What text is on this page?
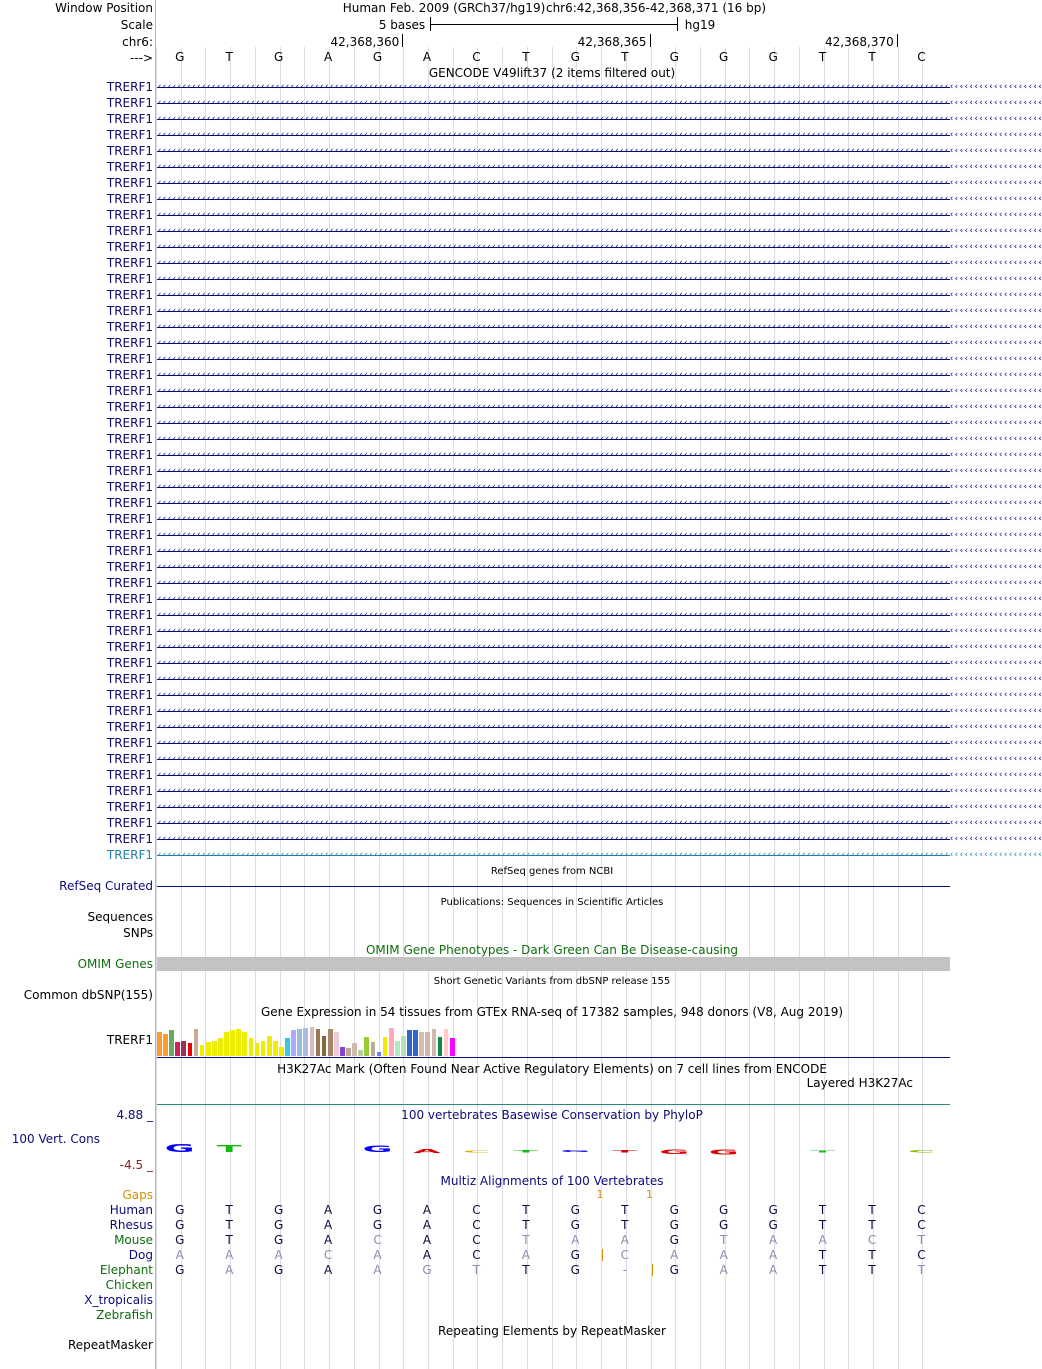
Window Position	Human Feb. 2009 (GRCh37/hg19) chr6:42,368,356-42,368,371 (16 bp)
Scale	5 bases	hg19
chr6:	42,368,360	42,368,365	42,368,370
--->	G	T	G	A	G	A	C	T	G	T	G	G	G	T	T	C
GENCODE V49lift37 (2 items filtered out)
TRERF1 ‹‹‹‹‹‹‹‹‹‹‹‹‹‹‹‹‹‹‹‹‹‹‹‹‹‹‹‹‹‹‹‹‹‹‹‹‹‹‹‹‹‹‹‹‹‹‹‹‹‹‹‹‹‹‹‹‹‹‹‹‹‹‹‹‹‹‹‹‹‹‹‹‹‹‹‹‹‹‹‹‹‹‹‹‹‹‹‹‹‹‹‹‹‹‹‹‹‹‹‹‹‹‹‹‹‹‹‹‹‹‹‹‹‹‹‹‹‹‹‹‹‹‹‹‹‹‹‹‹‹‹‹‹‹‹‹‹‹‹‹‹‹‹‹‹‹‹‹‹‹‹‹‹‹‹‹‹‹‹‹‹‹‹‹‹‹‹‹‹‹‹‹‹‹‹‹‹‹‹‹
TRERF1 ‹‹‹‹‹‹‹‹‹‹‹‹‹‹‹‹‹‹‹‹‹‹‹‹‹‹‹‹‹‹‹‹‹‹‹‹‹‹‹‹‹‹‹‹‹‹‹‹‹‹‹‹‹‹‹‹‹‹‹‹‹‹‹‹‹‹‹‹‹‹‹‹‹‹‹‹‹‹‹‹‹‹‹‹‹‹‹‹‹‹‹‹‹‹‹‹‹‹‹‹‹‹‹‹‹‹‹‹‹‹‹‹‹‹‹‹‹‹‹‹‹‹‹‹‹‹‹‹‹‹‹‹‹‹‹‹‹‹‹‹‹‹‹‹‹‹‹‹‹‹‹‹‹‹‹‹‹‹‹‹‹‹‹‹‹‹‹‹‹‹‹‹‹‹‹‹‹‹‹‹
TRERF1 ‹‹‹‹‹‹‹‹‹‹‹‹‹‹‹‹‹‹‹‹‹‹‹‹‹‹‹‹‹‹‹‹‹‹‹‹‹‹‹‹‹‹‹‹‹‹‹‹‹‹‹‹‹‹‹‹‹‹‹‹‹‹‹‹‹‹‹‹‹‹‹‹‹‹‹‹‹‹‹‹‹‹‹‹‹‹‹‹‹‹‹‹‹‹‹‹‹‹‹‹‹‹‹‹‹‹‹‹‹‹‹‹‹‹‹‹‹‹‹‹‹‹‹‹‹‹‹‹‹‹‹‹‹‹‹‹‹‹‹‹‹‹‹‹‹‹‹‹‹‹‹‹‹‹‹‹‹‹‹‹‹‹‹‹‹‹‹‹‹‹‹‹‹‹‹‹‹‹‹‹
TRERF1 ‹‹‹‹‹‹‹‹‹‹‹‹‹‹‹‹‹‹‹‹‹‹‹‹‹‹‹‹‹‹‹‹‹‹‹‹‹‹‹‹‹‹‹‹‹‹‹‹‹‹‹‹‹‹‹‹‹‹‹‹‹‹‹‹‹‹‹‹‹‹‹‹‹‹‹‹‹‹‹‹‹‹‹‹‹‹‹‹‹‹‹‹‹‹‹‹‹‹‹‹‹‹‹‹‹‹‹‹‹‹‹‹‹‹‹‹‹‹‹‹‹‹‹‹‹‹‹‹‹‹‹‹‹‹‹‹‹‹‹‹‹‹‹‹‹‹‹‹‹‹‹‹‹‹‹‹‹‹‹‹‹‹‹‹‹‹‹‹‹‹‹‹‹‹‹‹‹‹‹‹
TRERF1 ‹‹‹‹‹‹‹‹‹‹‹‹‹‹‹‹‹‹‹‹‹‹‹‹‹‹‹‹‹‹‹‹‹‹‹‹‹‹‹‹‹‹‹‹‹‹‹‹‹‹‹‹‹‹‹‹‹‹‹‹‹‹‹‹‹‹‹‹‹‹‹‹‹‹‹‹‹‹‹‹‹‹‹‹‹‹‹‹‹‹‹‹‹‹‹‹‹‹‹‹‹‹‹‹‹‹‹‹‹‹‹‹‹‹‹‹‹‹‹‹‹‹‹‹‹‹‹‹‹‹‹‹‹‹‹‹‹‹‹‹‹‹‹‹‹‹‹‹‹‹‹‹‹‹‹‹‹‹‹‹‹‹‹‹‹‹‹‹‹‹‹‹‹‹‹‹‹‹‹‹
TRERF1 ‹‹‹‹‹‹‹‹‹‹‹‹‹‹‹‹‹‹‹‹‹‹‹‹‹‹‹‹‹‹‹‹‹‹‹‹‹‹‹‹‹‹‹‹‹‹‹‹‹‹‹‹‹‹‹‹‹‹‹‹‹‹‹‹‹‹‹‹‹‹‹‹‹‹‹‹‹‹‹‹‹‹‹‹‹‹‹‹‹‹‹‹‹‹‹‹‹‹‹‹‹‹‹‹‹‹‹‹‹‹‹‹‹‹‹‹‹‹‹‹‹‹‹‹‹‹‹‹‹‹‹‹‹‹‹‹‹‹‹‹‹‹‹‹‹‹‹‹‹‹‹‹‹‹‹‹‹‹‹‹‹‹‹‹‹‹‹‹‹‹‹‹‹‹‹‹‹‹‹‹
TRERF1 ‹‹‹‹‹‹‹‹‹‹‹‹‹‹‹‹‹‹‹‹‹‹‹‹‹‹‹‹‹‹‹‹‹‹‹‹‹‹‹‹‹‹‹‹‹‹‹‹‹‹‹‹‹‹‹‹‹‹‹‹‹‹‹‹‹‹‹‹‹‹‹‹‹‹‹‹‹‹‹‹‹‹‹‹‹‹‹‹‹‹‹‹‹‹‹‹‹‹‹‹‹‹‹‹‹‹‹‹‹‹‹‹‹‹‹‹‹‹‹‹‹‹‹‹‹‹‹‹‹‹‹‹‹‹‹‹‹‹‹‹‹‹‹‹‹‹‹‹‹‹‹‹‹‹‹‹‹‹‹‹‹‹‹‹‹‹‹‹‹‹‹‹‹‹‹‹‹‹‹‹
TRERF1 ‹‹‹‹‹‹‹‹‹‹‹‹‹‹‹‹‹‹‹‹‹‹‹‹‹‹‹‹‹‹‹‹‹‹‹‹‹‹‹‹‹‹‹‹‹‹‹‹‹‹‹‹‹‹‹‹‹‹‹‹‹‹‹‹‹‹‹‹‹‹‹‹‹‹‹‹‹‹‹‹‹‹‹‹‹‹‹‹‹‹‹‹‹‹‹‹‹‹‹‹‹‹‹‹‹‹‹‹‹‹‹‹‹‹‹‹‹‹‹‹‹‹‹‹‹‹‹‹‹‹‹‹‹‹‹‹‹‹‹‹‹‹‹‹‹‹‹‹‹‹‹‹‹‹‹‹‹‹‹‹‹‹‹‹‹‹‹‹‹‹‹‹‹‹‹‹‹‹‹‹
TRERF1 ‹‹‹‹‹‹‹‹‹‹‹‹‹‹‹‹‹‹‹‹‹‹‹‹‹‹‹‹‹‹‹‹‹‹‹‹‹‹‹‹‹‹‹‹‹‹‹‹‹‹‹‹‹‹‹‹‹‹‹‹‹‹‹‹‹‹‹‹‹‹‹‹‹‹‹‹‹‹‹‹‹‹‹‹‹‹‹‹‹‹‹‹‹‹‹‹‹‹‹‹‹‹‹‹‹‹‹‹‹‹‹‹‹‹‹‹‹‹‹‹‹‹‹‹‹‹‹‹‹‹‹‹‹‹‹‹‹‹‹‹‹‹‹‹‹‹‹‹‹‹‹‹‹‹‹‹‹‹‹‹‹‹‹‹‹‹‹‹‹‹‹‹‹‹‹‹‹‹‹‹
TRERF1 ‹‹‹‹‹‹‹‹‹‹‹‹‹‹‹‹‹‹‹‹‹‹‹‹‹‹‹‹‹‹‹‹‹‹‹‹‹‹‹‹‹‹‹‹‹‹‹‹‹‹‹‹‹‹‹‹‹‹‹‹‹‹‹‹‹‹‹‹‹‹‹‹‹‹‹‹‹‹‹‹‹‹‹‹‹‹‹‹‹‹‹‹‹‹‹‹‹‹‹‹‹‹‹‹‹‹‹‹‹‹‹‹‹‹‹‹‹‹‹‹‹‹‹‹‹‹‹‹‹‹‹‹‹‹‹‹‹‹‹‹‹‹‹‹‹‹‹‹‹‹‹‹‹‹‹‹‹‹‹‹‹‹‹‹‹‹‹‹‹‹‹‹‹‹‹‹‹‹‹‹
TRERF1 ‹‹‹‹‹‹‹‹‹‹‹‹‹‹‹‹‹‹‹‹‹‹‹‹‹‹‹‹‹‹‹‹‹‹‹‹‹‹‹‹‹‹‹‹‹‹‹‹‹‹‹‹‹‹‹‹‹‹‹‹‹‹‹‹‹‹‹‹‹‹‹‹‹‹‹‹‹‹‹‹‹‹‹‹‹‹‹‹‹‹‹‹‹‹‹‹‹‹‹‹‹‹‹‹‹‹‹‹‹‹‹‹‹‹‹‹‹‹‹‹‹‹‹‹‹‹‹‹‹‹‹‹‹‹‹‹‹‹‹‹‹‹‹‹‹‹‹‹‹‹‹‹‹‹‹‹‹‹‹‹‹‹‹‹‹‹‹‹‹‹‹‹‹‹‹‹‹‹‹‹
TRERF1 ‹‹‹‹‹‹‹‹‹‹‹‹‹‹‹‹‹‹‹‹‹‹‹‹‹‹‹‹‹‹‹‹‹‹‹‹‹‹‹‹‹‹‹‹‹‹‹‹‹‹‹‹‹‹‹‹‹‹‹‹‹‹‹‹‹‹‹‹‹‹‹‹‹‹‹‹‹‹‹‹‹‹‹‹‹‹‹‹‹‹‹‹‹‹‹‹‹‹‹‹‹‹‹‹‹‹‹‹‹‹‹‹‹‹‹‹‹‹‹‹‹‹‹‹‹‹‹‹‹‹‹‹‹‹‹‹‹‹‹‹‹‹‹‹‹‹‹‹‹‹‹‹‹‹‹‹‹‹‹‹‹‹‹‹‹‹‹‹‹‹‹‹‹‹‹‹‹‹‹‹
TRERF1 ‹‹‹‹‹‹‹‹‹‹‹‹‹‹‹‹‹‹‹‹‹‹‹‹‹‹‹‹‹‹‹‹‹‹‹‹‹‹‹‹‹‹‹‹‹‹‹‹‹‹‹‹‹‹‹‹‹‹‹‹‹‹‹‹‹‹‹‹‹‹‹‹‹‹‹‹‹‹‹‹‹‹‹‹‹‹‹‹‹‹‹‹‹‹‹‹‹‹‹‹‹‹‹‹‹‹‹‹‹‹‹‹‹‹‹‹‹‹‹‹‹‹‹‹‹‹‹‹‹‹‹‹‹‹‹‹‹‹‹‹‹‹‹‹‹‹‹‹‹‹‹‹‹‹‹‹‹‹‹‹‹‹‹‹‹‹‹‹‹‹‹‹‹‹‹‹‹‹‹‹
TRERF1 ‹‹‹‹‹‹‹‹‹‹‹‹‹‹‹‹‹‹‹‹‹‹‹‹‹‹‹‹‹‹‹‹‹‹‹‹‹‹‹‹‹‹‹‹‹‹‹‹‹‹‹‹‹‹‹‹‹‹‹‹‹‹‹‹‹‹‹‹‹‹‹‹‹‹‹‹‹‹‹‹‹‹‹‹‹‹‹‹‹‹‹‹‹‹‹‹‹‹‹‹‹‹‹‹‹‹‹‹‹‹‹‹‹‹‹‹‹‹‹‹‹‹‹‹‹‹‹‹‹‹‹‹‹‹‹‹‹‹‹‹‹‹‹‹‹‹‹‹‹‹‹‹‹‹‹‹‹‹‹‹‹‹‹‹‹‹‹‹‹‹‹‹‹‹‹‹‹‹‹‹
TRERF1 ‹‹‹‹‹‹‹‹‹‹‹‹‹‹‹‹‹‹‹‹‹‹‹‹‹‹‹‹‹‹‹‹‹‹‹‹‹‹‹‹‹‹‹‹‹‹‹‹‹‹‹‹‹‹‹‹‹‹‹‹‹‹‹‹‹‹‹‹‹‹‹‹‹‹‹‹‹‹‹‹‹‹‹‹‹‹‹‹‹‹‹‹‹‹‹‹‹‹‹‹‹‹‹‹‹‹‹‹‹‹‹‹‹‹‹‹‹‹‹‹‹‹‹‹‹‹‹‹‹‹‹‹‹‹‹‹‹‹‹‹‹‹‹‹‹‹‹‹‹‹‹‹‹‹‹‹‹‹‹‹‹‹‹‹‹‹‹‹‹‹‹‹‹‹‹‹‹‹‹‹
TRERF1 ‹‹‹‹‹‹‹‹‹‹‹‹‹‹‹‹‹‹‹‹‹‹‹‹‹‹‹‹‹‹‹‹‹‹‹‹‹‹‹‹‹‹‹‹‹‹‹‹‹‹‹‹‹‹‹‹‹‹‹‹‹‹‹‹‹‹‹‹‹‹‹‹‹‹‹‹‹‹‹‹‹‹‹‹‹‹‹‹‹‹‹‹‹‹‹‹‹‹‹‹‹‹‹‹‹‹‹‹‹‹‹‹‹‹‹‹‹‹‹‹‹‹‹‹‹‹‹‹‹‹‹‹‹‹‹‹‹‹‹‹‹‹‹‹‹‹‹‹‹‹‹‹‹‹‹‹‹‹‹‹‹‹‹‹‹‹‹‹‹‹‹‹‹‹‹‹‹‹‹‹
TRERF1 ‹‹‹‹‹‹‹‹‹‹‹‹‹‹‹‹‹‹‹‹‹‹‹‹‹‹‹‹‹‹‹‹‹‹‹‹‹‹‹‹‹‹‹‹‹‹‹‹‹‹‹‹‹‹‹‹‹‹‹‹‹‹‹‹‹‹‹‹‹‹‹‹‹‹‹‹‹‹‹‹‹‹‹‹‹‹‹‹‹‹‹‹‹‹‹‹‹‹‹‹‹‹‹‹‹‹‹‹‹‹‹‹‹‹‹‹‹‹‹‹‹‹‹‹‹‹‹‹‹‹‹‹‹‹‹‹‹‹‹‹‹‹‹‹‹‹‹‹‹‹‹‹‹‹‹‹‹‹‹‹‹‹‹‹‹‹‹‹‹‹‹‹‹‹‹‹‹‹‹‹
TRERF1 ‹‹‹‹‹‹‹‹‹‹‹‹‹‹‹‹‹‹‹‹‹‹‹‹‹‹‹‹‹‹‹‹‹‹‹‹‹‹‹‹‹‹‹‹‹‹‹‹‹‹‹‹‹‹‹‹‹‹‹‹‹‹‹‹‹‹‹‹‹‹‹‹‹‹‹‹‹‹‹‹‹‹‹‹‹‹‹‹‹‹‹‹‹‹‹‹‹‹‹‹‹‹‹‹‹‹‹‹‹‹‹‹‹‹‹‹‹‹‹‹‹‹‹‹‹‹‹‹‹‹‹‹‹‹‹‹‹‹‹‹‹‹‹‹‹‹‹‹‹‹‹‹‹‹‹‹‹‹‹‹‹‹‹‹‹‹‹‹‹‹‹‹‹‹‹‹‹‹‹‹
TRERF1 ‹‹‹‹‹‹‹‹‹‹‹‹‹‹‹‹‹‹‹‹‹‹‹‹‹‹‹‹‹‹‹‹‹‹‹‹‹‹‹‹‹‹‹‹‹‹‹‹‹‹‹‹‹‹‹‹‹‹‹‹‹‹‹‹‹‹‹‹‹‹‹‹‹‹‹‹‹‹‹‹‹‹‹‹‹‹‹‹‹‹‹‹‹‹‹‹‹‹‹‹‹‹‹‹‹‹‹‹‹‹‹‹‹‹‹‹‹‹‹‹‹‹‹‹‹‹‹‹‹‹‹‹‹‹‹‹‹‹‹‹‹‹‹‹‹‹‹‹‹‹‹‹‹‹‹‹‹‹‹‹‹‹‹‹‹‹‹‹‹‹‹‹‹‹‹‹‹‹‹‹
TRERF1 ‹‹‹‹‹‹‹‹‹‹‹‹‹‹‹‹‹‹‹‹‹‹‹‹‹‹‹‹‹‹‹‹‹‹‹‹‹‹‹‹‹‹‹‹‹‹‹‹‹‹‹‹‹‹‹‹‹‹‹‹‹‹‹‹‹‹‹‹‹‹‹‹‹‹‹‹‹‹‹‹‹‹‹‹‹‹‹‹‹‹‹‹‹‹‹‹‹‹‹‹‹‹‹‹‹‹‹‹‹‹‹‹‹‹‹‹‹‹‹‹‹‹‹‹‹‹‹‹‹‹‹‹‹‹‹‹‹‹‹‹‹‹‹‹‹‹‹‹‹‹‹‹‹‹‹‹‹‹‹‹‹‹‹‹‹‹‹‹‹‹‹‹‹‹‹‹‹‹‹‹
TRERF1 ‹‹‹‹‹‹‹‹‹‹‹‹‹‹‹‹‹‹‹‹‹‹‹‹‹‹‹‹‹‹‹‹‹‹‹‹‹‹‹‹‹‹‹‹‹‹‹‹‹‹‹‹‹‹‹‹‹‹‹‹‹‹‹‹‹‹‹‹‹‹‹‹‹‹‹‹‹‹‹‹‹‹‹‹‹‹‹‹‹‹‹‹‹‹‹‹‹‹‹‹‹‹‹‹‹‹‹‹‹‹‹‹‹‹‹‹‹‹‹‹‹‹‹‹‹‹‹‹‹‹‹‹‹‹‹‹‹‹‹‹‹‹‹‹‹‹‹‹‹‹‹‹‹‹‹‹‹‹‹‹‹‹‹‹‹‹‹‹‹‹‹‹‹‹‹‹‹‹‹‹
TRERF1 ‹‹‹‹‹‹‹‹‹‹‹‹‹‹‹‹‹‹‹‹‹‹‹‹‹‹‹‹‹‹‹‹‹‹‹‹‹‹‹‹‹‹‹‹‹‹‹‹‹‹‹‹‹‹‹‹‹‹‹‹‹‹‹‹‹‹‹‹‹‹‹‹‹‹‹‹‹‹‹‹‹‹‹‹‹‹‹‹‹‹‹‹‹‹‹‹‹‹‹‹‹‹‹‹‹‹‹‹‹‹‹‹‹‹‹‹‹‹‹‹‹‹‹‹‹‹‹‹‹‹‹‹‹‹‹‹‹‹‹‹‹‹‹‹‹‹‹‹‹‹‹‹‹‹‹‹‹‹‹‹‹‹‹‹‹‹‹‹‹‹‹‹‹‹‹‹‹‹‹‹
TRERF1 ‹‹‹‹‹‹‹‹‹‹‹‹‹‹‹‹‹‹‹‹‹‹‹‹‹‹‹‹‹‹‹‹‹‹‹‹‹‹‹‹‹‹‹‹‹‹‹‹‹‹‹‹‹‹‹‹‹‹‹‹‹‹‹‹‹‹‹‹‹‹‹‹‹‹‹‹‹‹‹‹‹‹‹‹‹‹‹‹‹‹‹‹‹‹‹‹‹‹‹‹‹‹‹‹‹‹‹‹‹‹‹‹‹‹‹‹‹‹‹‹‹‹‹‹‹‹‹‹‹‹‹‹‹‹‹‹‹‹‹‹‹‹‹‹‹‹‹‹‹‹‹‹‹‹‹‹‹‹‹‹‹‹‹‹‹‹‹‹‹‹‹‹‹‹‹‹‹‹‹‹
TRERF1 ‹‹‹‹‹‹‹‹‹‹‹‹‹‹‹‹‹‹‹‹‹‹‹‹‹‹‹‹‹‹‹‹‹‹‹‹‹‹‹‹‹‹‹‹‹‹‹‹‹‹‹‹‹‹‹‹‹‹‹‹‹‹‹‹‹‹‹‹‹‹‹‹‹‹‹‹‹‹‹‹‹‹‹‹‹‹‹‹‹‹‹‹‹‹‹‹‹‹‹‹‹‹‹‹‹‹‹‹‹‹‹‹‹‹‹‹‹‹‹‹‹‹‹‹‹‹‹‹‹‹‹‹‹‹‹‹‹‹‹‹‹‹‹‹‹‹‹‹‹‹‹‹‹‹‹‹‹‹‹‹‹‹‹‹‹‹‹‹‹‹‹‹‹‹‹‹‹‹‹‹
TRERF1 ‹‹‹‹‹‹‹‹‹‹‹‹‹‹‹‹‹‹‹‹‹‹‹‹‹‹‹‹‹‹‹‹‹‹‹‹‹‹‹‹‹‹‹‹‹‹‹‹‹‹‹‹‹‹‹‹‹‹‹‹‹‹‹‹‹‹‹‹‹‹‹‹‹‹‹‹‹‹‹‹‹‹‹‹‹‹‹‹‹‹‹‹‹‹‹‹‹‹‹‹‹‹‹‹‹‹‹‹‹‹‹‹‹‹‹‹‹‹‹‹‹‹‹‹‹‹‹‹‹‹‹‹‹‹‹‹‹‹‹‹‹‹‹‹‹‹‹‹‹‹‹‹‹‹‹‹‹‹‹‹‹‹‹‹‹‹‹‹‹‹‹‹‹‹‹‹‹‹‹‹
TRERF1 ‹‹‹‹‹‹‹‹‹‹‹‹‹‹‹‹‹‹‹‹‹‹‹‹‹‹‹‹‹‹‹‹‹‹‹‹‹‹‹‹‹‹‹‹‹‹‹‹‹‹‹‹‹‹‹‹‹‹‹‹‹‹‹‹‹‹‹‹‹‹‹‹‹‹‹‹‹‹‹‹‹‹‹‹‹‹‹‹‹‹‹‹‹‹‹‹‹‹‹‹‹‹‹‹‹‹‹‹‹‹‹‹‹‹‹‹‹‹‹‹‹‹‹‹‹‹‹‹‹‹‹‹‹‹‹‹‹‹‹‹‹‹‹‹‹‹‹‹‹‹‹‹‹‹‹‹‹‹‹‹‹‹‹‹‹‹‹‹‹‹‹‹‹‹‹‹‹‹‹‹
TRERF1 ‹‹‹‹‹‹‹‹‹‹‹‹‹‹‹‹‹‹‹‹‹‹‹‹‹‹‹‹‹‹‹‹‹‹‹‹‹‹‹‹‹‹‹‹‹‹‹‹‹‹‹‹‹‹‹‹‹‹‹‹‹‹‹‹‹‹‹‹‹‹‹‹‹‹‹‹‹‹‹‹‹‹‹‹‹‹‹‹‹‹‹‹‹‹‹‹‹‹‹‹‹‹‹‹‹‹‹‹‹‹‹‹‹‹‹‹‹‹‹‹‹‹‹‹‹‹‹‹‹‹‹‹‹‹‹‹‹‹‹‹‹‹‹‹‹‹‹‹‹‹‹‹‹‹‹‹‹‹‹‹‹‹‹‹‹‹‹‹‹‹‹‹‹‹‹‹‹‹‹‹
TRERF1 ‹‹‹‹‹‹‹‹‹‹‹‹‹‹‹‹‹‹‹‹‹‹‹‹‹‹‹‹‹‹‹‹‹‹‹‹‹‹‹‹‹‹‹‹‹‹‹‹‹‹‹‹‹‹‹‹‹‹‹‹‹‹‹‹‹‹‹‹‹‹‹‹‹‹‹‹‹‹‹‹‹‹‹‹‹‹‹‹‹‹‹‹‹‹‹‹‹‹‹‹‹‹‹‹‹‹‹‹‹‹‹‹‹‹‹‹‹‹‹‹‹‹‹‹‹‹‹‹‹‹‹‹‹‹‹‹‹‹‹‹‹‹‹‹‹‹‹‹‹‹‹‹‹‹‹‹‹‹‹‹‹‹‹‹‹‹‹‹‹‹‹‹‹‹‹‹‹‹‹‹
TRERF1 ‹‹‹‹‹‹‹‹‹‹‹‹‹‹‹‹‹‹‹‹‹‹‹‹‹‹‹‹‹‹‹‹‹‹‹‹‹‹‹‹‹‹‹‹‹‹‹‹‹‹‹‹‹‹‹‹‹‹‹‹‹‹‹‹‹‹‹‹‹‹‹‹‹‹‹‹‹‹‹‹‹‹‹‹‹‹‹‹‹‹‹‹‹‹‹‹‹‹‹‹‹‹‹‹‹‹‹‹‹‹‹‹‹‹‹‹‹‹‹‹‹‹‹‹‹‹‹‹‹‹‹‹‹‹‹‹‹‹‹‹‹‹‹‹‹‹‹‹‹‹‹‹‹‹‹‹‹‹‹‹‹‹‹‹‹‹‹‹‹‹‹‹‹‹‹‹‹‹‹‹
TRERF1 ‹‹‹‹‹‹‹‹‹‹‹‹‹‹‹‹‹‹‹‹‹‹‹‹‹‹‹‹‹‹‹‹‹‹‹‹‹‹‹‹‹‹‹‹‹‹‹‹‹‹‹‹‹‹‹‹‹‹‹‹‹‹‹‹‹‹‹‹‹‹‹‹‹‹‹‹‹‹‹‹‹‹‹‹‹‹‹‹‹‹‹‹‹‹‹‹‹‹‹‹‹‹‹‹‹‹‹‹‹‹‹‹‹‹‹‹‹‹‹‹‹‹‹‹‹‹‹‹‹‹‹‹‹‹‹‹‹‹‹‹‹‹‹‹‹‹‹‹‹‹‹‹‹‹‹‹‹‹‹‹‹‹‹‹‹‹‹‹‹‹‹‹‹‹‹‹‹‹‹‹
TRERF1 ‹‹‹‹‹‹‹‹‹‹‹‹‹‹‹‹‹‹‹‹‹‹‹‹‹‹‹‹‹‹‹‹‹‹‹‹‹‹‹‹‹‹‹‹‹‹‹‹‹‹‹‹‹‹‹‹‹‹‹‹‹‹‹‹‹‹‹‹‹‹‹‹‹‹‹‹‹‹‹‹‹‹‹‹‹‹‹‹‹‹‹‹‹‹‹‹‹‹‹‹‹‹‹‹‹‹‹‹‹‹‹‹‹‹‹‹‹‹‹‹‹‹‹‹‹‹‹‹‹‹‹‹‹‹‹‹‹‹‹‹‹‹‹‹‹‹‹‹‹‹‹‹‹‹‹‹‹‹‹‹‹‹‹‹‹‹‹‹‹‹‹‹‹‹‹‹‹‹‹‹
TRERF1 ‹‹‹‹‹‹‹‹‹‹‹‹‹‹‹‹‹‹‹‹‹‹‹‹‹‹‹‹‹‹‹‹‹‹‹‹‹‹‹‹‹‹‹‹‹‹‹‹‹‹‹‹‹‹‹‹‹‹‹‹‹‹‹‹‹‹‹‹‹‹‹‹‹‹‹‹‹‹‹‹‹‹‹‹‹‹‹‹‹‹‹‹‹‹‹‹‹‹‹‹‹‹‹‹‹‹‹‹‹‹‹‹‹‹‹‹‹‹‹‹‹‹‹‹‹‹‹‹‹‹‹‹‹‹‹‹‹‹‹‹‹‹‹‹‹‹‹‹‹‹‹‹‹‹‹‹‹‹‹‹‹‹‹‹‹‹‹‹‹‹‹‹‹‹‹‹‹‹‹‹
TRERF1 ‹‹‹‹‹‹‹‹‹‹‹‹‹‹‹‹‹‹‹‹‹‹‹‹‹‹‹‹‹‹‹‹‹‹‹‹‹‹‹‹‹‹‹‹‹‹‹‹‹‹‹‹‹‹‹‹‹‹‹‹‹‹‹‹‹‹‹‹‹‹‹‹‹‹‹‹‹‹‹‹‹‹‹‹‹‹‹‹‹‹‹‹‹‹‹‹‹‹‹‹‹‹‹‹‹‹‹‹‹‹‹‹‹‹‹‹‹‹‹‹‹‹‹‹‹‹‹‹‹‹‹‹‹‹‹‹‹‹‹‹‹‹‹‹‹‹‹‹‹‹‹‹‹‹‹‹‹‹‹‹‹‹‹‹‹‹‹‹‹‹‹‹‹‹‹‹‹‹‹‹
TRERF1 ‹‹‹‹‹‹‹‹‹‹‹‹‹‹‹‹‹‹‹‹‹‹‹‹‹‹‹‹‹‹‹‹‹‹‹‹‹‹‹‹‹‹‹‹‹‹‹‹‹‹‹‹‹‹‹‹‹‹‹‹‹‹‹‹‹‹‹‹‹‹‹‹‹‹‹‹‹‹‹‹‹‹‹‹‹‹‹‹‹‹‹‹‹‹‹‹‹‹‹‹‹‹‹‹‹‹‹‹‹‹‹‹‹‹‹‹‹‹‹‹‹‹‹‹‹‹‹‹‹‹‹‹‹‹‹‹‹‹‹‹‹‹‹‹‹‹‹‹‹‹‹‹‹‹‹‹‹‹‹‹‹‹‹‹‹‹‹‹‹‹‹‹‹‹‹‹‹‹‹‹
TRERF1 ‹‹‹‹‹‹‹‹‹‹‹‹‹‹‹‹‹‹‹‹‹‹‹‹‹‹‹‹‹‹‹‹‹‹‹‹‹‹‹‹‹‹‹‹‹‹‹‹‹‹‹‹‹‹‹‹‹‹‹‹‹‹‹‹‹‹‹‹‹‹‹‹‹‹‹‹‹‹‹‹‹‹‹‹‹‹‹‹‹‹‹‹‹‹‹‹‹‹‹‹‹‹‹‹‹‹‹‹‹‹‹‹‹‹‹‹‹‹‹‹‹‹‹‹‹‹‹‹‹‹‹‹‹‹‹‹‹‹‹‹‹‹‹‹‹‹‹‹‹‹‹‹‹‹‹‹‹‹‹‹‹‹‹‹‹‹‹‹‹‹‹‹‹‹‹‹‹‹‹‹
TRERF1 ‹‹‹‹‹‹‹‹‹‹‹‹‹‹‹‹‹‹‹‹‹‹‹‹‹‹‹‹‹‹‹‹‹‹‹‹‹‹‹‹‹‹‹‹‹‹‹‹‹‹‹‹‹‹‹‹‹‹‹‹‹‹‹‹‹‹‹‹‹‹‹‹‹‹‹‹‹‹‹‹‹‹‹‹‹‹‹‹‹‹‹‹‹‹‹‹‹‹‹‹‹‹‹‹‹‹‹‹‹‹‹‹‹‹‹‹‹‹‹‹‹‹‹‹‹‹‹‹‹‹‹‹‹‹‹‹‹‹‹‹‹‹‹‹‹‹‹‹‹‹‹‹‹‹‹‹‹‹‹‹‹‹‹‹‹‹‹‹‹‹‹‹‹‹‹‹‹‹‹‹
TRERF1 ‹‹‹‹‹‹‹‹‹‹‹‹‹‹‹‹‹‹‹‹‹‹‹‹‹‹‹‹‹‹‹‹‹‹‹‹‹‹‹‹‹‹‹‹‹‹‹‹‹‹‹‹‹‹‹‹‹‹‹‹‹‹‹‹‹‹‹‹‹‹‹‹‹‹‹‹‹‹‹‹‹‹‹‹‹‹‹‹‹‹‹‹‹‹‹‹‹‹‹‹‹‹‹‹‹‹‹‹‹‹‹‹‹‹‹‹‹‹‹‹‹‹‹‹‹‹‹‹‹‹‹‹‹‹‹‹‹‹‹‹‹‹‹‹‹‹‹‹‹‹‹‹‹‹‹‹‹‹‹‹‹‹‹‹‹‹‹‹‹‹‹‹‹‹‹‹‹‹‹‹
TRERF1 ‹‹‹‹‹‹‹‹‹‹‹‹‹‹‹‹‹‹‹‹‹‹‹‹‹‹‹‹‹‹‹‹‹‹‹‹‹‹‹‹‹‹‹‹‹‹‹‹‹‹‹‹‹‹‹‹‹‹‹‹‹‹‹‹‹‹‹‹‹‹‹‹‹‹‹‹‹‹‹‹‹‹‹‹‹‹‹‹‹‹‹‹‹‹‹‹‹‹‹‹‹‹‹‹‹‹‹‹‹‹‹‹‹‹‹‹‹‹‹‹‹‹‹‹‹‹‹‹‹‹‹‹‹‹‹‹‹‹‹‹‹‹‹‹‹‹‹‹‹‹‹‹‹‹‹‹‹‹‹‹‹‹‹‹‹‹‹‹‹‹‹‹‹‹‹‹‹‹‹‹
TRERF1 ‹‹‹‹‹‹‹‹‹‹‹‹‹‹‹‹‹‹‹‹‹‹‹‹‹‹‹‹‹‹‹‹‹‹‹‹‹‹‹‹‹‹‹‹‹‹‹‹‹‹‹‹‹‹‹‹‹‹‹‹‹‹‹‹‹‹‹‹‹‹‹‹‹‹‹‹‹‹‹‹‹‹‹‹‹‹‹‹‹‹‹‹‹‹‹‹‹‹‹‹‹‹‹‹‹‹‹‹‹‹‹‹‹‹‹‹‹‹‹‹‹‹‹‹‹‹‹‹‹‹‹‹‹‹‹‹‹‹‹‹‹‹‹‹‹‹‹‹‹‹‹‹‹‹‹‹‹‹‹‹‹‹‹‹‹‹‹‹‹‹‹‹‹‹‹‹‹‹‹‹
TRERF1 ‹‹‹‹‹‹‹‹‹‹‹‹‹‹‹‹‹‹‹‹‹‹‹‹‹‹‹‹‹‹‹‹‹‹‹‹‹‹‹‹‹‹‹‹‹‹‹‹‹‹‹‹‹‹‹‹‹‹‹‹‹‹‹‹‹‹‹‹‹‹‹‹‹‹‹‹‹‹‹‹‹‹‹‹‹‹‹‹‹‹‹‹‹‹‹‹‹‹‹‹‹‹‹‹‹‹‹‹‹‹‹‹‹‹‹‹‹‹‹‹‹‹‹‹‹‹‹‹‹‹‹‹‹‹‹‹‹‹‹‹‹‹‹‹‹‹‹‹‹‹‹‹‹‹‹‹‹‹‹‹‹‹‹‹‹‹‹‹‹‹‹‹‹‹‹‹‹‹‹‹
TRERF1 ‹‹‹‹‹‹‹‹‹‹‹‹‹‹‹‹‹‹‹‹‹‹‹‹‹‹‹‹‹‹‹‹‹‹‹‹‹‹‹‹‹‹‹‹‹‹‹‹‹‹‹‹‹‹‹‹‹‹‹‹‹‹‹‹‹‹‹‹‹‹‹‹‹‹‹‹‹‹‹‹‹‹‹‹‹‹‹‹‹‹‹‹‹‹‹‹‹‹‹‹‹‹‹‹‹‹‹‹‹‹‹‹‹‹‹‹‹‹‹‹‹‹‹‹‹‹‹‹‹‹‹‹‹‹‹‹‹‹‹‹‹‹‹‹‹‹‹‹‹‹‹‹‹‹‹‹‹‹‹‹‹‹‹‹‹‹‹‹‹‹‹‹‹‹‹‹‹‹‹‹
TRERF1 ‹‹‹‹‹‹‹‹‹‹‹‹‹‹‹‹‹‹‹‹‹‹‹‹‹‹‹‹‹‹‹‹‹‹‹‹‹‹‹‹‹‹‹‹‹‹‹‹‹‹‹‹‹‹‹‹‹‹‹‹‹‹‹‹‹‹‹‹‹‹‹‹‹‹‹‹‹‹‹‹‹‹‹‹‹‹‹‹‹‹‹‹‹‹‹‹‹‹‹‹‹‹‹‹‹‹‹‹‹‹‹‹‹‹‹‹‹‹‹‹‹‹‹‹‹‹‹‹‹‹‹‹‹‹‹‹‹‹‹‹‹‹‹‹‹‹‹‹‹‹‹‹‹‹‹‹‹‹‹‹‹‹‹‹‹‹‹‹‹‹‹‹‹‹‹‹‹‹‹‹
TRERF1 ‹‹‹‹‹‹‹‹‹‹‹‹‹‹‹‹‹‹‹‹‹‹‹‹‹‹‹‹‹‹‹‹‹‹‹‹‹‹‹‹‹‹‹‹‹‹‹‹‹‹‹‹‹‹‹‹‹‹‹‹‹‹‹‹‹‹‹‹‹‹‹‹‹‹‹‹‹‹‹‹‹‹‹‹‹‹‹‹‹‹‹‹‹‹‹‹‹‹‹‹‹‹‹‹‹‹‹‹‹‹‹‹‹‹‹‹‹‹‹‹‹‹‹‹‹‹‹‹‹‹‹‹‹‹‹‹‹‹‹‹‹‹‹‹‹‹‹‹‹‹‹‹‹‹‹‹‹‹‹‹‹‹‹‹‹‹‹‹‹‹‹‹‹‹‹‹‹‹‹‹
TRERF1 ‹‹‹‹‹‹‹‹‹‹‹‹‹‹‹‹‹‹‹‹‹‹‹‹‹‹‹‹‹‹‹‹‹‹‹‹‹‹‹‹‹‹‹‹‹‹‹‹‹‹‹‹‹‹‹‹‹‹‹‹‹‹‹‹‹‹‹‹‹‹‹‹‹‹‹‹‹‹‹‹‹‹‹‹‹‹‹‹‹‹‹‹‹‹‹‹‹‹‹‹‹‹‹‹‹‹‹‹‹‹‹‹‹‹‹‹‹‹‹‹‹‹‹‹‹‹‹‹‹‹‹‹‹‹‹‹‹‹‹‹‹‹‹‹‹‹‹‹‹‹‹‹‹‹‹‹‹‹‹‹‹‹‹‹‹‹‹‹‹‹‹‹‹‹‹‹‹‹‹‹
TRERF1 ‹‹‹‹‹‹‹‹‹‹‹‹‹‹‹‹‹‹‹‹‹‹‹‹‹‹‹‹‹‹‹‹‹‹‹‹‹‹‹‹‹‹‹‹‹‹‹‹‹‹‹‹‹‹‹‹‹‹‹‹‹‹‹‹‹‹‹‹‹‹‹‹‹‹‹‹‹‹‹‹‹‹‹‹‹‹‹‹‹‹‹‹‹‹‹‹‹‹‹‹‹‹‹‹‹‹‹‹‹‹‹‹‹‹‹‹‹‹‹‹‹‹‹‹‹‹‹‹‹‹‹‹‹‹‹‹‹‹‹‹‹‹‹‹‹‹‹‹‹‹‹‹‹‹‹‹‹‹‹‹‹‹‹‹‹‹‹‹‹‹‹‹‹‹‹‹‹‹‹‹
TRERF1 ‹‹‹‹‹‹‹‹‹‹‹‹‹‹‹‹‹‹‹‹‹‹‹‹‹‹‹‹‹‹‹‹‹‹‹‹‹‹‹‹‹‹‹‹‹‹‹‹‹‹‹‹‹‹‹‹‹‹‹‹‹‹‹‹‹‹‹‹‹‹‹‹‹‹‹‹‹‹‹‹‹‹‹‹‹‹‹‹‹‹‹‹‹‹‹‹‹‹‹‹‹‹‹‹‹‹‹‹‹‹‹‹‹‹‹‹‹‹‹‹‹‹‹‹‹‹‹‹‹‹‹‹‹‹‹‹‹‹‹‹‹‹‹‹‹‹‹‹‹‹‹‹‹‹‹‹‹‹‹‹‹‹‹‹‹‹‹‹‹‹‹‹‹‹‹‹‹‹‹‹
TRERF1 ‹‹‹‹‹‹‹‹‹‹‹‹‹‹‹‹‹‹‹‹‹‹‹‹‹‹‹‹‹‹‹‹‹‹‹‹‹‹‹‹‹‹‹‹‹‹‹‹‹‹‹‹‹‹‹‹‹‹‹‹‹‹‹‹‹‹‹‹‹‹‹‹‹‹‹‹‹‹‹‹‹‹‹‹‹‹‹‹‹‹‹‹‹‹‹‹‹‹‹‹‹‹‹‹‹‹‹‹‹‹‹‹‹‹‹‹‹‹‹‹‹‹‹‹‹‹‹‹‹‹‹‹‹‹‹‹‹‹‹‹‹‹‹‹‹‹‹‹‹‹‹‹‹‹‹‹‹‹‹‹‹‹‹‹‹‹‹‹‹‹‹‹‹‹‹‹‹‹‹‹
TRERF1 ‹‹‹‹‹‹‹‹‹‹‹‹‹‹‹‹‹‹‹‹‹‹‹‹‹‹‹‹‹‹‹‹‹‹‹‹‹‹‹‹‹‹‹‹‹‹‹‹‹‹‹‹‹‹‹‹‹‹‹‹‹‹‹‹‹‹‹‹‹‹‹‹‹‹‹‹‹‹‹‹‹‹‹‹‹‹‹‹‹‹‹‹‹‹‹‹‹‹‹‹‹‹‹‹‹‹‹‹‹‹‹‹‹‹‹‹‹‹‹‹‹‹‹‹‹‹‹‹‹‹‹‹‹‹‹‹‹‹‹‹‹‹‹‹‹‹‹‹‹‹‹‹‹‹‹‹‹‹‹‹‹‹‹‹‹‹‹‹‹‹‹‹‹‹‹‹‹‹‹‹
TRERF1 ‹‹‹‹‹‹‹‹‹‹‹‹‹‹‹‹‹‹‹‹‹‹‹‹‹‹‹‹‹‹‹‹‹‹‹‹‹‹‹‹‹‹‹‹‹‹‹‹‹‹‹‹‹‹‹‹‹‹‹‹‹‹‹‹‹‹‹‹‹‹‹‹‹‹‹‹‹‹‹‹‹‹‹‹‹‹‹‹‹‹‹‹‹‹‹‹‹‹‹‹‹‹‹‹‹‹‹‹‹‹‹‹‹‹‹‹‹‹‹‹‹‹‹‹‹‹‹‹‹‹‹‹‹‹‹‹‹‹‹‹‹‹‹‹‹‹‹‹‹‹‹‹‹‹‹‹‹‹‹‹‹‹‹‹‹‹‹‹‹‹‹‹‹‹‹‹‹‹‹‹
RefSeq genes from NCBI
RefSeq Curated
Publications: Sequences in Scientific Articles
Sequences
SNPs
OMIM Gene Phenotypes - Dark Green Can Be Disease-causing
OMIM Genes
Short Genetic Variants from dbSNP release 155
Common dbSNP(155)
Gene Expression in 54 tissues from GTEx RNA-seq of 17382 samples, 948 donors (V8, Aug 2019)
TRERF1
H3K27Ac Mark (Often Found Near Active Regulatory Elements) on 7 cell lines from ENCODE
Layered H3K27Ac
100 vertebrates Basewise Conservation by PhyloP
4.88 _
100 Vert. Cons
-4.5 _
G T	G A C T G T G G	T	C
Multiz Alignments of 100 Vertebrates
Gaps	1	1
Human	G	T	G	A	G	A	C	T	G	T	G	G	G	T	T	C
Rhesus	G	T	G	A	G	A	C	T	G	T	G	G	G	T	T	C
Mouse	G	T	G	A	C	A	C	T	A	A	G	T	A	A	C	T
Dog	A	A	A	C	A	A	C	A	G	C	A	A	A	T	T	C
Elephant	G	A	G	A	A	G	T	T	G	-	G	A	A	T	T	T
Chicken
X_tropicalis
Zebrafish
Repeating Elements by RepeatMasker
RepeatMasker
